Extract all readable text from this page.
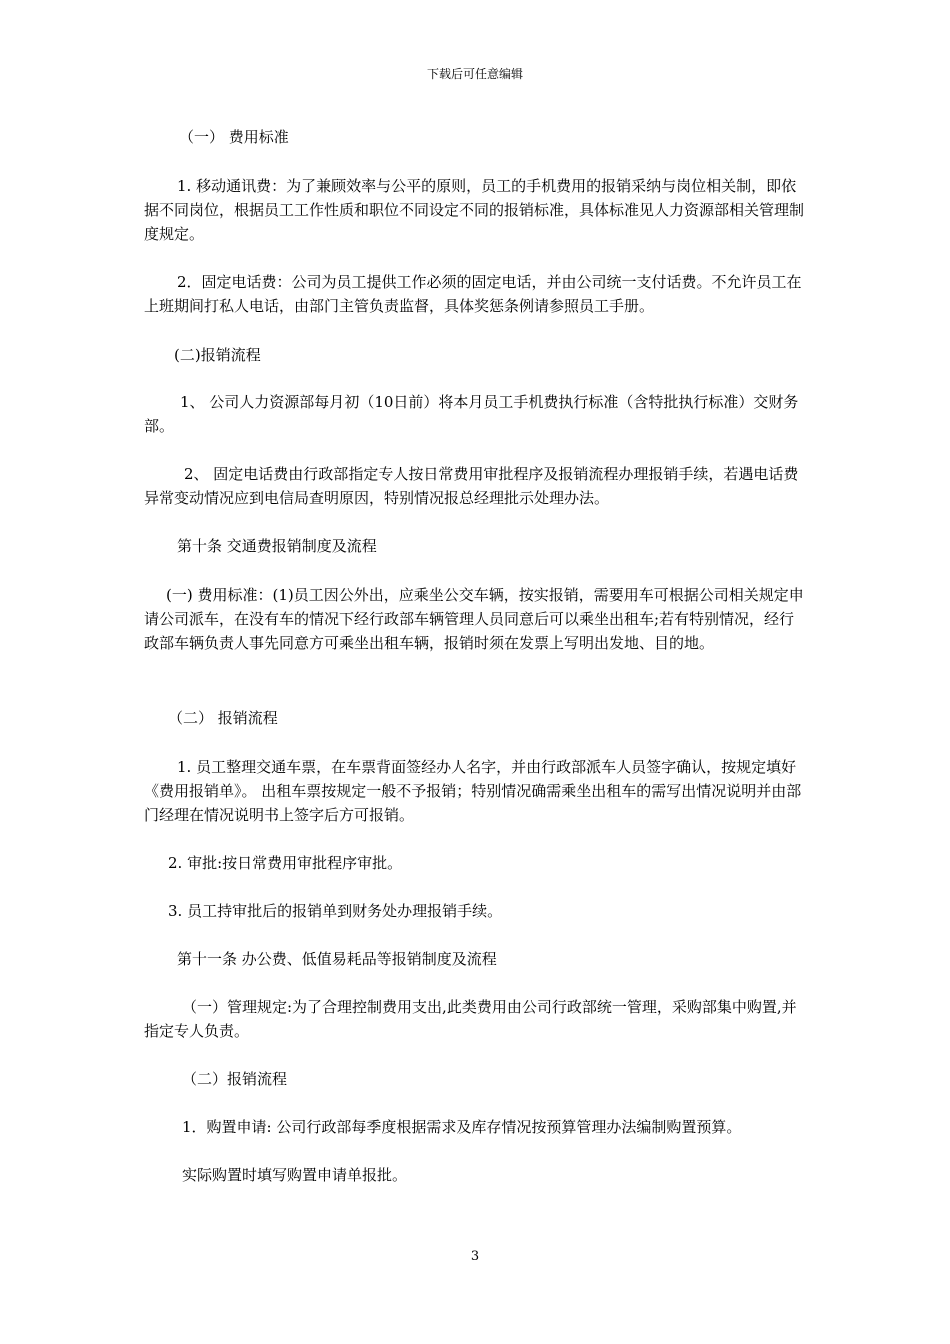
下载后可任意编辑

（一） 费用标准

1. 移动通讯费：为了兼顾效率与公平的原则，员工的手机费用的报销采纳与岗位相关制，即依据不同岗位，根据员工工作性质和职位不同设定不同的报销标准，具体标准见人力资源部相关管理制度规定。

2．固定电话费：公司为员工提供工作必须的固定电话，并由公司统一支付话费。不允许员工在上班期间打私人电话，由部门主管负责监督，具体奖惩条例请参照员工手册。

(二)报销流程

1、 公司人力资源部每月初（10日前）将本月员工手机费执行标准（含特批执行标准）交财务部。

2、 固定电话费由行政部指定专人按日常费用审批程序及报销流程办理报销手续，若遇电话费异常变动情况应到电信局查明原因，特别情况报总经理批示处理办法。

第十条 交通费报销制度及流程

(一) 费用标准：(1)员工因公外出，应乘坐公交车辆，按实报销，需要用车可根据公司相关规定申请公司派车，在没有车的情况下经行政部车辆管理人员同意后可以乘坐出租车;若有特别情况，经行政部车辆负责人事先同意方可乘坐出租车辆，报销时须在发票上写明出发地、目的地。

（二） 报销流程

1. 员工整理交通车票，在车票背面签经办人名字，并由行政部派车人员签字确认，按规定填好《费用报销单》。 出租车票按规定一般不予报销；特别情况确需乘坐出租车的需写出情况说明并由部门经理在情况说明书上签字后方可报销。

2. 审批:按日常费用审批程序审批。

3. 员工持审批后的报销单到财务处办理报销手续。

第十一条 办公费、低值易耗品等报销制度及流程

（一）管理规定:为了合理控制费用支出,此类费用由公司行政部统一管理，采购部集中购置,并指定专人负责。

（二）报销流程

1．购置申请: 公司行政部每季度根据需求及库存情况按预算管理办法编制购置预算。

实际购置时填写购置申请单报批。

3
